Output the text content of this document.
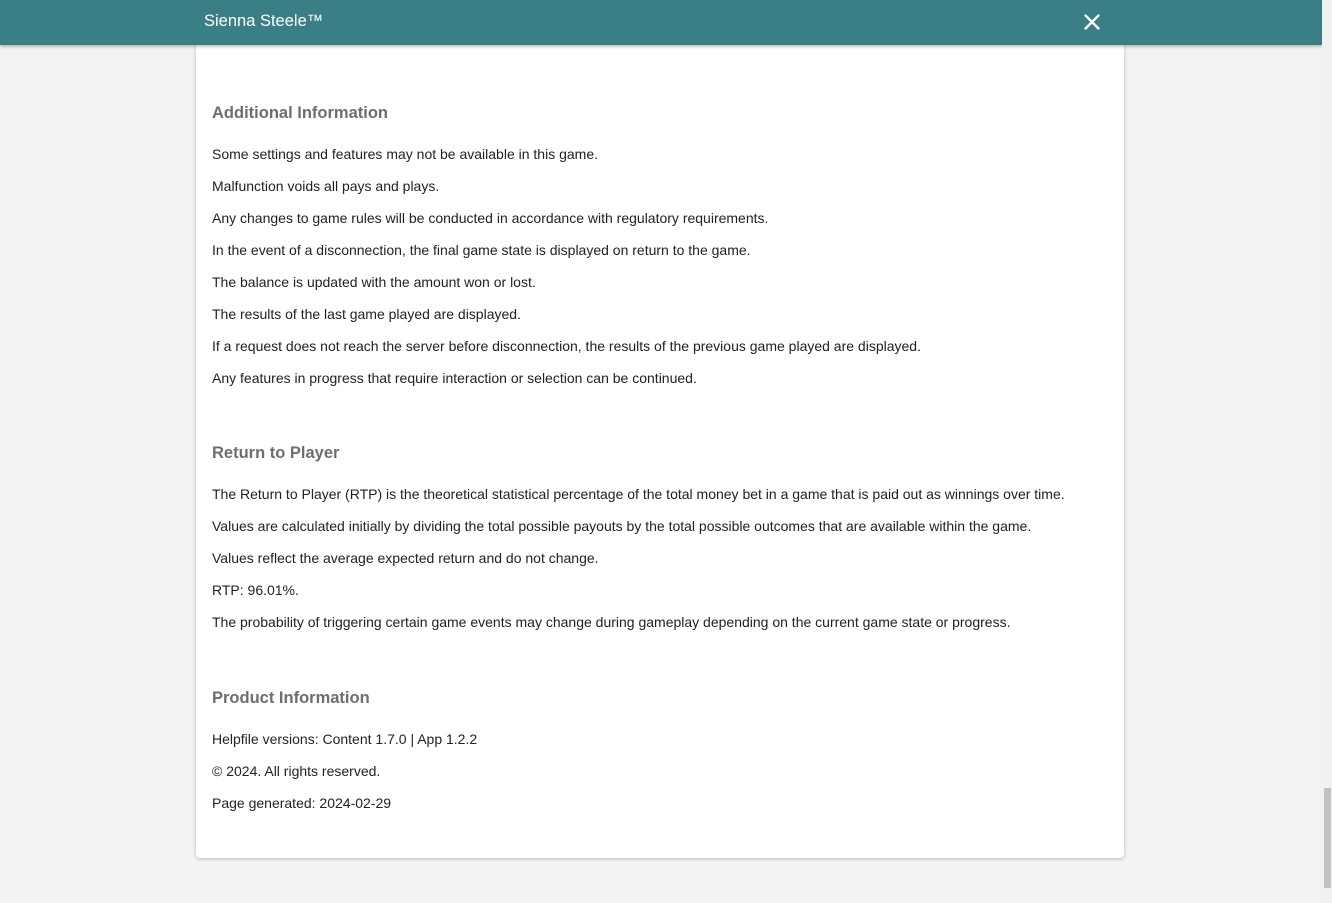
Additional Information

Some settings and features may not be available in this game.

Malfunction voids all pays and plays.

Any changes to game rules will be conducted in accordance with regulatory requirements.

In the event of a disconnection, the final game state is displayed on return to the game.

The balance is updated with the amount won or lost.

The results of the last game played are displayed.

If a request does not reach the server before disconnection, the results of the previous game played are displayed.

Any features in progress that require interaction or selection can be continued.

Return to Player

The Return to Player (RTP) is the theoretical statistical percentage of the total money bet in a game that is paid out as winnings over time.

Values are calculated initially by dividing the total possible payouts by the total possible outcomes that are available within the game.

Values reflect the average expected return and do not change.

RTP: 96.01%.

The probability of triggering certain game events may change during gameplay depending on the current game state or progress.

Product Information

Helpfile versions: Content 1.7.0 | App 1.2.2

© 2024. All rights reserved.

Page generated: 2024-02-29

Sienna Steele™
